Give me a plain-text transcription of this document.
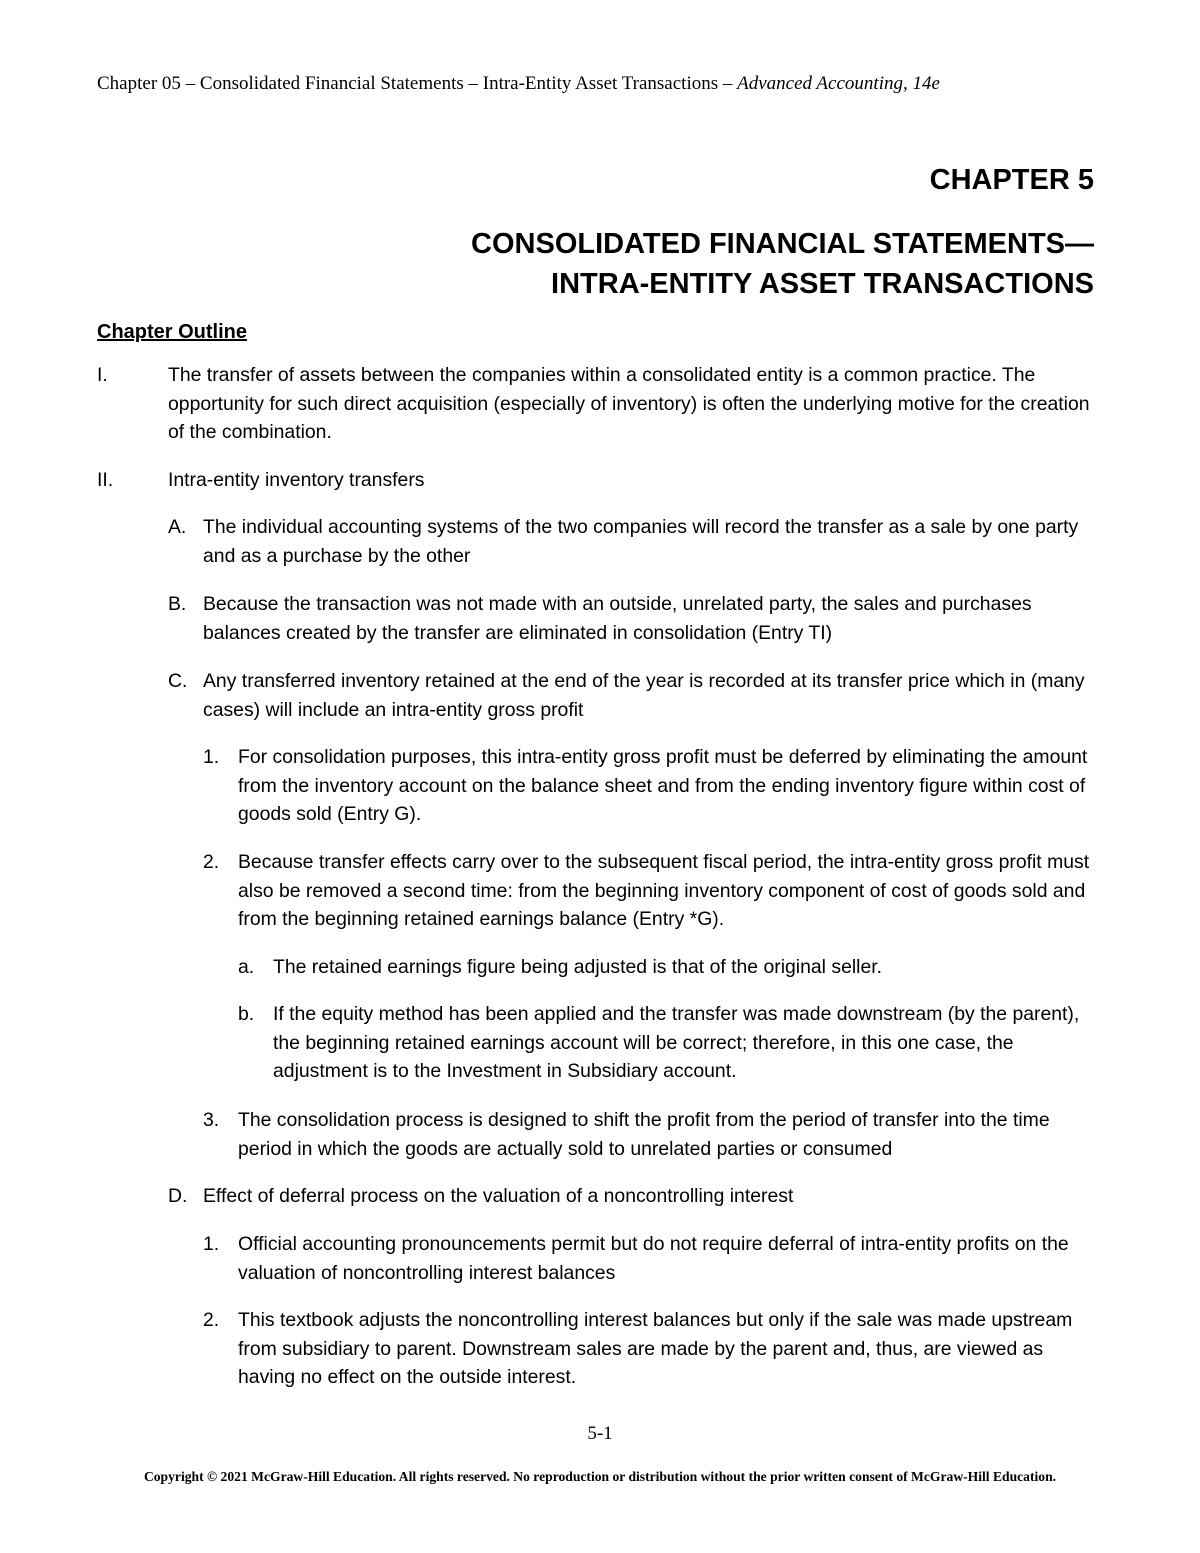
Chapter 05 – Consolidated Financial Statements – Intra-Entity Asset Transactions – Advanced Accounting, 14e
CHAPTER 5
CONSOLIDATED FINANCIAL STATEMENTS—
INTRA-ENTITY ASSET TRANSACTIONS
Chapter Outline
I.	The transfer of assets between the companies within a consolidated entity is a common practice. The opportunity for such direct acquisition (especially of inventory) is often the underlying motive for the creation of the combination.
II.	Intra-entity inventory transfers
A. The individual accounting systems of the two companies will record the transfer as a sale by one party and as a purchase by the other
B. Because the transaction was not made with an outside, unrelated party, the sales and purchases balances created by the transfer are eliminated in consolidation (Entry TI)
C. Any transferred inventory retained at the end of the year is recorded at its transfer price which in (many cases) will include an intra-entity gross profit
1. For consolidation purposes, this intra-entity gross profit must be deferred by eliminating the amount from the inventory account on the balance sheet and from the ending inventory figure within cost of goods sold (Entry G).
2. Because transfer effects carry over to the subsequent fiscal period, the intra-entity gross profit must also be removed a second time: from the beginning inventory component of cost of goods sold and from the beginning retained earnings balance (Entry *G).
a. The retained earnings figure being adjusted is that of the original seller.
b. If the equity method has been applied and the transfer was made downstream (by the parent), the beginning retained earnings account will be correct; therefore, in this one case, the adjustment is to the Investment in Subsidiary account.
3. The consolidation process is designed to shift the profit from the period of transfer into the time period in which the goods are actually sold to unrelated parties or consumed
D. Effect of deferral process on the valuation of a noncontrolling interest
1. Official accounting pronouncements permit but do not require deferral of intra-entity profits on the valuation of noncontrolling interest balances
2. This textbook adjusts the noncontrolling interest balances but only if the sale was made upstream from subsidiary to parent. Downstream sales are made by the parent and, thus, are viewed as having no effect on the outside interest.
5-1
Copyright © 2021 McGraw-Hill Education. All rights reserved. No reproduction or distribution without the prior written consent of McGraw-Hill Education.
